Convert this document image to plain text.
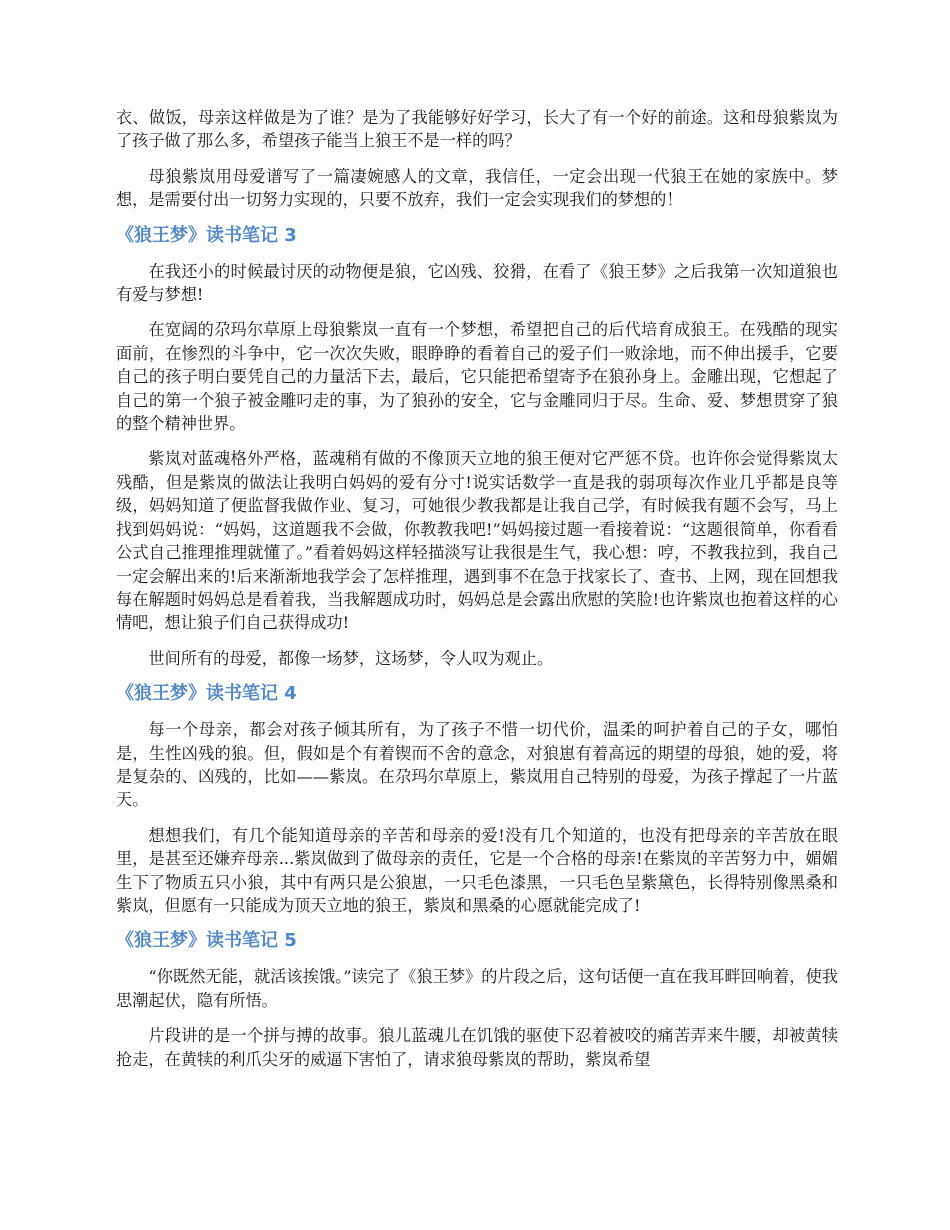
衣、做饭，母亲这样做是为了谁？是为了我能够好好学习，长大了有一个好的前途。这和母狼紫岚为了孩子做了那么多，希望孩子能当上狼王不是一样的吗？

母狼紫岚用母爱谱写了一篇凄婉感人的文章，我信任，一定会出现一代狼王在她的家族中。梦想，是需要付出一切努力实现的，只要不放弃，我们一定会实现我们的梦想的！

《狼王梦》读书笔记 3

在我还小的时候最讨厌的动物便是狼，它凶残、狡猾，在看了《狼王梦》之后我第一次知道狼也有爱与梦想!

在宽阔的尕玛尔草原上母狼紫岚一直有一个梦想，希望把自己的后代培育成狼王。在残酷的现实面前，在惨烈的斗争中，它一次次失败，眼睁睁的看着自己的爱子们一败涂地，而不伸出援手，它要自己的孩子明白要凭自己的力量活下去，最后，它只能把希望寄予在狼孙身上。金雕出现，它想起了自己的第一个狼子被金雕叼走的事，为了狼孙的安全，它与金雕同归于尽。生命、爱、梦想贯穿了狼的整个精神世界。

紫岚对蓝魂格外严格，蓝魂稍有做的不像顶天立地的狼王便对它严惩不贷。也许你会觉得紫岚太残酷，但是紫岚的做法让我明白妈妈的爱有分寸!说实话数学一直是我的弱项每次作业几乎都是良等级，妈妈知道了便监督我做作业、复习，可她很少教我都是让我自己学，有时候我有题不会写，马上找到妈妈说：“妈妈，这道题我不会做，你教教我吧!”妈妈接过题一看接着说：“这题很简单，你看看公式自己推理推理就懂了。”看着妈妈这样轻描淡写让我很是生气，我心想：哼，不教我拉到，我自己一定会解出来的!后来渐渐地我学会了怎样推理，遇到事不在急于找家长了、查书、上网，现在回想我每在解题时妈妈总是看着我，当我解题成功时，妈妈总是会露出欣慰的笑脸!也许紫岚也抱着这样的心情吧，想让狼子们自己获得成功!

世间所有的母爱，都像一场梦，这场梦，令人叹为观止。

《狼王梦》读书笔记 4

每一个母亲，都会对孩子倾其所有，为了孩子不惜一切代价，温柔的呵护着自己的子女，哪怕是，生性凶残的狼。但，假如是个有着锲而不舍的意念，对狼崽有着高远的期望的母狼，她的爱，将是复杂的、凶残的，比如——紫岚。在尕玛尔草原上，紫岚用自己特别的母爱，为孩子撑起了一片蓝天。

想想我们，有几个能知道母亲的辛苦和母亲的爱!没有几个知道的，也没有把母亲的辛苦放在眼里，是甚至还嫌弃母亲...紫岚做到了做母亲的责任，它是一个合格的母亲!在紫岚的辛苦努力中，媚媚生下了物质五只小狼，其中有两只是公狼崽，一只毛色漆黑，一只毛色呈紫黛色，长得特别像黑桑和紫岚，但愿有一只能成为顶天立地的狼王，紫岚和黑桑的心愿就能完成了!

《狼王梦》读书笔记 5

“你既然无能，就活该挨饿。”读完了《狼王梦》的片段之后，这句话便一直在我耳畔回响着，使我思潮起伏，隐有所悟。

片段讲的是一个拼与搏的故事。狼儿蓝魂儿在饥饿的驱使下忍着被咬的痛苦弄来牛腰，却被黄犊抢走，在黄犊的利爪尖牙的威逼下害怕了，请求狼母紫岚的帮助，紫岚希望
